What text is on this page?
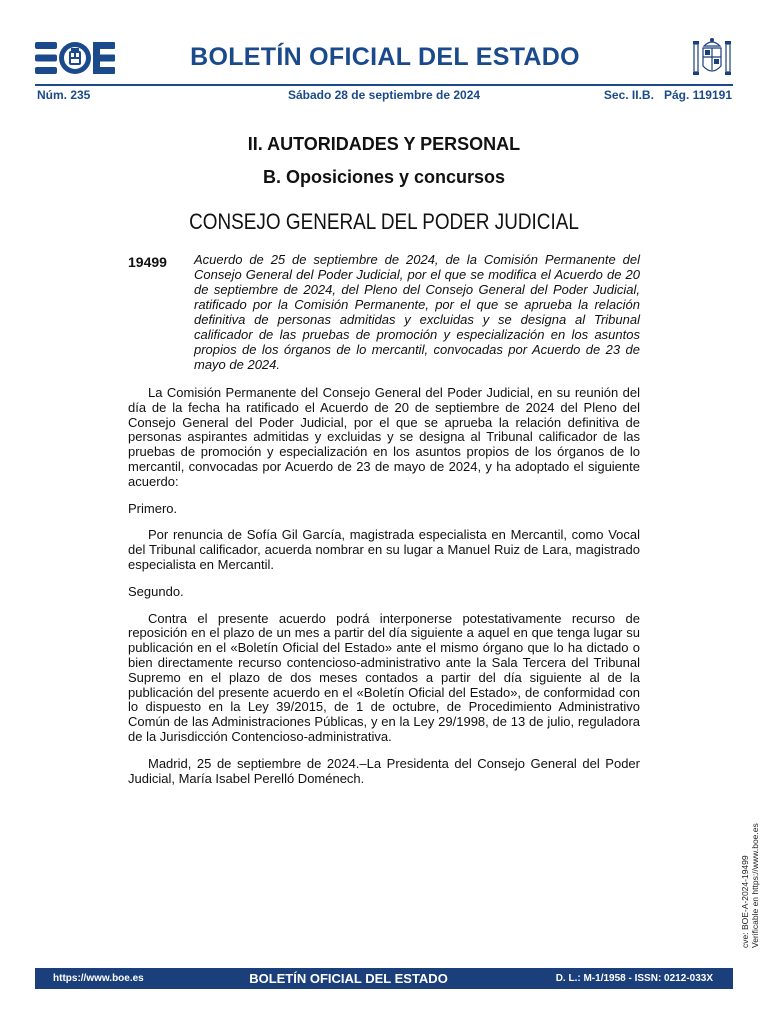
BOLETÍN OFICIAL DEL ESTADO
Núm. 235	Sábado 28 de septiembre de 2024	Sec. II.B. Pág. 119191
II. AUTORIDADES Y PERSONAL
B. Oposiciones y concursos
CONSEJO GENERAL DEL PODER JUDICIAL
19499 Acuerdo de 25 de septiembre de 2024, de la Comisión Permanente del Consejo General del Poder Judicial, por el que se modifica el Acuerdo de 20 de septiembre de 2024, del Pleno del Consejo General del Poder Judicial, ratificado por la Comisión Permanente, por el que se aprueba la relación definitiva de personas admitidas y excluidas y se designa al Tribunal calificador de las pruebas de promoción y especialización en los asuntos propios de los órganos de lo mercantil, convocadas por Acuerdo de 23 de mayo de 2024.

La Comisión Permanente del Consejo General del Poder Judicial, en su reunión del día de la fecha ha ratificado el Acuerdo de 20 de septiembre de 2024 del Pleno del Consejo General del Poder Judicial, por el que se aprueba la relación definitiva de personas aspirantes admitidas y excluidas y se designa al Tribunal calificador de las pruebas de promoción y especialización en los asuntos propios de los órganos de lo mercantil, convocadas por Acuerdo de 23 de mayo de 2024, y ha adoptado el siguiente acuerdo:

Primero.

Por renuncia de Sofía Gil García, magistrada especialista en Mercantil, como Vocal del Tribunal calificador, acuerda nombrar en su lugar a Manuel Ruiz de Lara, magistrado especialista en Mercantil.

Segundo.

Contra el presente acuerdo podrá interponerse potestativamente recurso de reposición en el plazo de un mes a partir del día siguiente a aquel en que tenga lugar su publicación en el «Boletín Oficial del Estado» ante el mismo órgano que lo ha dictado o bien directamente recurso contencioso-administrativo ante la Sala Tercera del Tribunal Supremo en el plazo de dos meses contados a partir del día siguiente al de la publicación del presente acuerdo en el «Boletín Oficial del Estado», de conformidad con lo dispuesto en la Ley 39/2015, de 1 de octubre, de Procedimiento Administrativo Común de las Administraciones Públicas, y en la Ley 29/1998, de 13 de julio, reguladora de la Jurisdicción Contencioso-administrativa.

Madrid, 25 de septiembre de 2024.–La Presidenta del Consejo General del Poder Judicial, María Isabel Perelló Doménech.

cve: BOE-A-2024-19499 Verificable en https://www.boe.es
https://www.boe.es	BOLETÍN OFICIAL DEL ESTADO	D. L.: M-1/1958 - ISSN: 0212-033X
